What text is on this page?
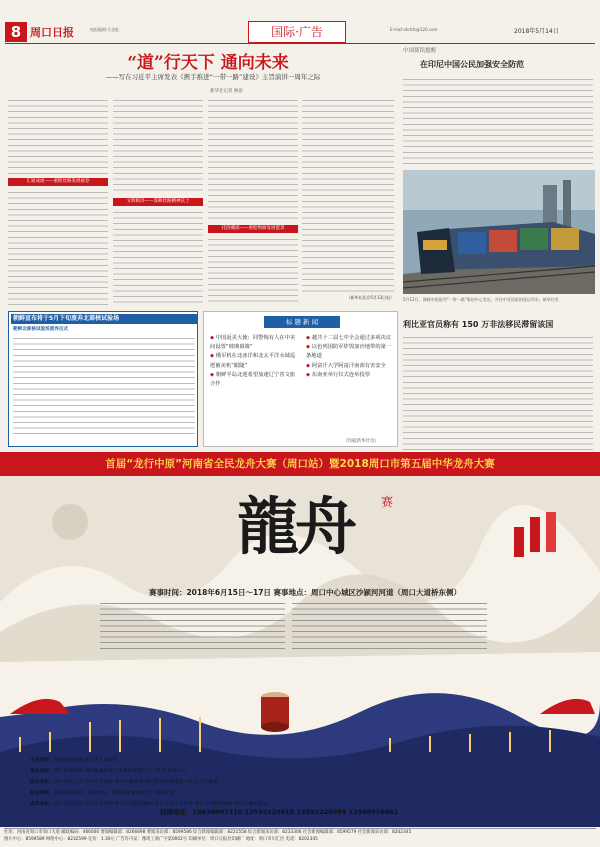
8 周口日报	校报编辑·方金虹	国际·广告	E-mail:zkrbfs@126.com	2018年5月14日
“道”行天下 通向未来
——写在习近平主席发表《携手推进“一带一路”建设》主旨演讲一周年之际
新华社记者 林苗
汇通成流——重绘丝路发展画卷
文明相济——深耕丝路精神沃土
托浴潮涌——重绘绚丽发展愿景
（新华社北京5月13日电）
中国使馆提醒
在印尼中国公民加强安全防范
5月12日，满载中欧班列“一带一路”集结中心发出，开往中亚国家的货运列车。新华社发
利比亚官员称有 150 万非法移民滞留该国
朝鲜宣布将于5月下旬废弃北部核试验场
朝鲜北部核试验场废弃仪式
标 题 新 闻
◆ 中国返美大使：同警惕有人在中美间设置“玻璃幕墙”
◆ 俄军机在北冰洋和北太平洋水域巡逻被美机“跟随”
◆ 朝鲜半岛北迎希望加速辽宁省文旅合作
◆ 越共十二届七中全会通过多项决议
◆ 以色列国防军炸毁加沙地带的第一条地道
◆ 阿富汗大学阿富汗南部有害安全
◆ 东南亚举行仪式连举投票
（均据新华社电）
首届“龙行中原”河南省全民龙舟大赛（周口站）暨2018周口市第五届中华龙舟大赛
龍舟	赛
赛事时间：2018年6月15日～17日 赛事地点：周口中心城区沙颍河河道（周口大道桥东侧）
主办单位：河南省体育局 周口市人民政府
承办单位：周口市体育局 周口报业传媒文化体育有限公司 川汇区体育中心
协办单位：周口市总工会 周口市文明办 周口市教育局 周口报业传媒集团 川汇区人民政府
参加单位：各县市区政府、市直单位、驻周各企事业单位、知名企业
成员单位：周口市公安局 周口市水务局 周口市交通运输局 周口市卫生计生委 周口市市政管理局 周口广播电视台
招商电话：18638097310 13592220015 13592220089 13949976661
社址：河南省周口市周口大道 邮政编码：466000 要闻编辑部：8266698 要闻采访部：8599586 综合新闻编辑部：8221558 综合新闻采访部：8233306 社会新闻编辑部：8599579 社会新闻采访部：8202345
图片中心：8599589 网络中心：8232599 定价：1.30元 广告许可证：豫周工商广字第0002号 印刷单位：周口日报社印刷厂 地址：周口市川汇区 电话：8202345
